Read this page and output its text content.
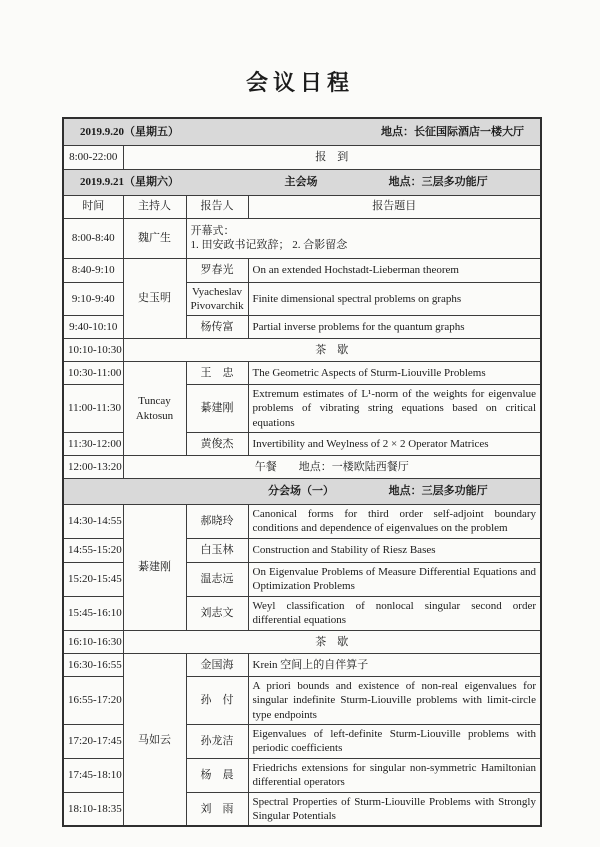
会议日程
2019.9.20（星期五） 地点：长征国际酒店一楼大厅			

8:00-22:00	报　到		

2019.9.21（星期六） 主会场 地点：三层多功能厅			

时间	主持人	报告人	报告题目
8:00-8:40	魏广生	开幕式：
1. 田安政书记致辞； 2. 合影留念	

8:40-9:10	史玉明	罗春光	On an extended Hochstadt-Lieberman theorem
9:10-9:40		Vyacheslav Pivovarchik	Finite dimensional spectral problems on graphs
9:40-10:10		杨传富	Partial inverse problems for the quantum graphs
10:10-10:30	茶　歇		
10:30-11:00	Tuncay Aktosun	王　忠	The Geometric Aspects of Sturm-Liouville Problems
11:00-11:30		綦建刚	Extremum estimates of L¹-norm of the weights for eigenvalue problems of vibrating string equations based on critical equations
11:30-12:00		黄俊杰	Invertibility and Weylness of 2 × 2 Operator Matrices
12:00-13:20	午餐　　地点：一楼欧陆西餐厅		

分会场（一） 地点：三层多功能厅			

14:30-14:55	綦建刚	郝晓玲	Canonical forms for third order self-adjoint boundary conditions and dependence of eigenvalues on the problem
14:55-15:20		白玉林	Construction and Stability of Riesz Bases
15:20-15:45		温志远	On Eigenvalue Problems of Measure Differential Equations and Optimization Problems
15:45-16:10		刘志文	Weyl classification of nonlocal singular second order differential equations
16:10-16:30	茶　歇		
16:30-16:55	马如云	金国海	Krein 空间上的自伴算子
16:55-17:20		孙　付	A priori bounds and existence of non-real eigenvalues for singular indefinite Sturm-Liouville problems with limit-circle type endpoints
17:20-17:45		孙龙洁	Eigenvalues of left-definite Sturm-Liouville problems with periodic coefficients
17:45-18:10		杨　晨	Friedrichs extensions for singular non-symmetric Hamiltonian differential operators
18:10-18:35		刘　雨	Spectral Properties of Sturm-Liouville Problems with Strongly Singular Potentials
